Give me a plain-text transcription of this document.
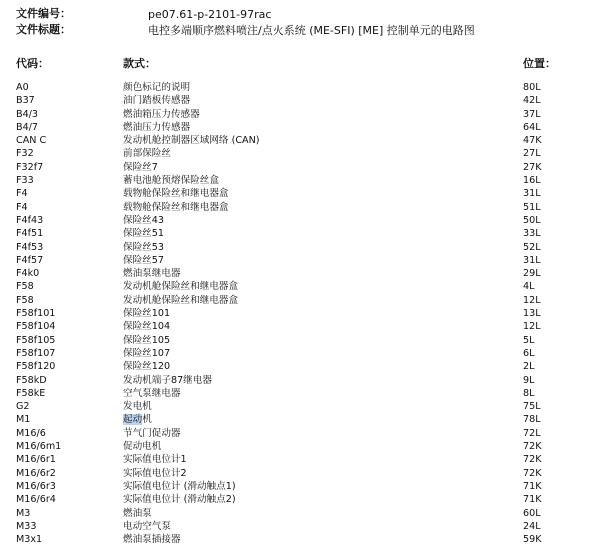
文件编号：	pe07.61-p-2101-97rac
文件标题：	电控多端顺序燃料喷注/点火系统 (ME-SFI) [ME] 控制单元的电路图
代码：	款式：	位置：
A0	颜色标记的说明	80L
B37	油门踏板传感器	42L
B4/3	燃油箱压力传感器	37L
B4/7	燃油压力传感器	64L
CAN C	发动机舱控制器区域网络 (CAN)	47K
F32	前部保险丝	27L
F32f7	保险丝7	27K
F33	蓄电池舱预熔保险丝盒	16L
F4	载物舱保险丝和继电器盒	31L
F4	载物舱保险丝和继电器盒	51L
F4f43	保险丝43	50L
F4f51	保险丝51	33L
F4f53	保险丝53	52L
F4f57	保险丝57	31L
F4k0	燃油泵继电器	29L
F58	发动机舱保险丝和继电器盒	4L
F58	发动机舱保险丝和继电器盒	12L
F58f101	保险丝101	13L
F58f104	保险丝104	12L
F58f105	保险丝105	5L
F58f107	保险丝107	6L
F58f120	保险丝120	2L
F58kD	发动机端子87继电器	9L
F58kE	空气泵继电器	8L
G2	发电机	75L
M1	起动机	78L
M16/6	节气门促动器	72L
M16/6m1	促动电机	72K
M16/6r1	实际值电位计1	72K
M16/6r2	实际值电位计2	72K
M16/6r3	实际值电位计 (滑动触点1)	71K
M16/6r4	实际值电位计 (滑动触点2)	71K
M3	燃油泵	60L
M33	电动空气泵	24L
M3x1	燃油泵插接器	59K
